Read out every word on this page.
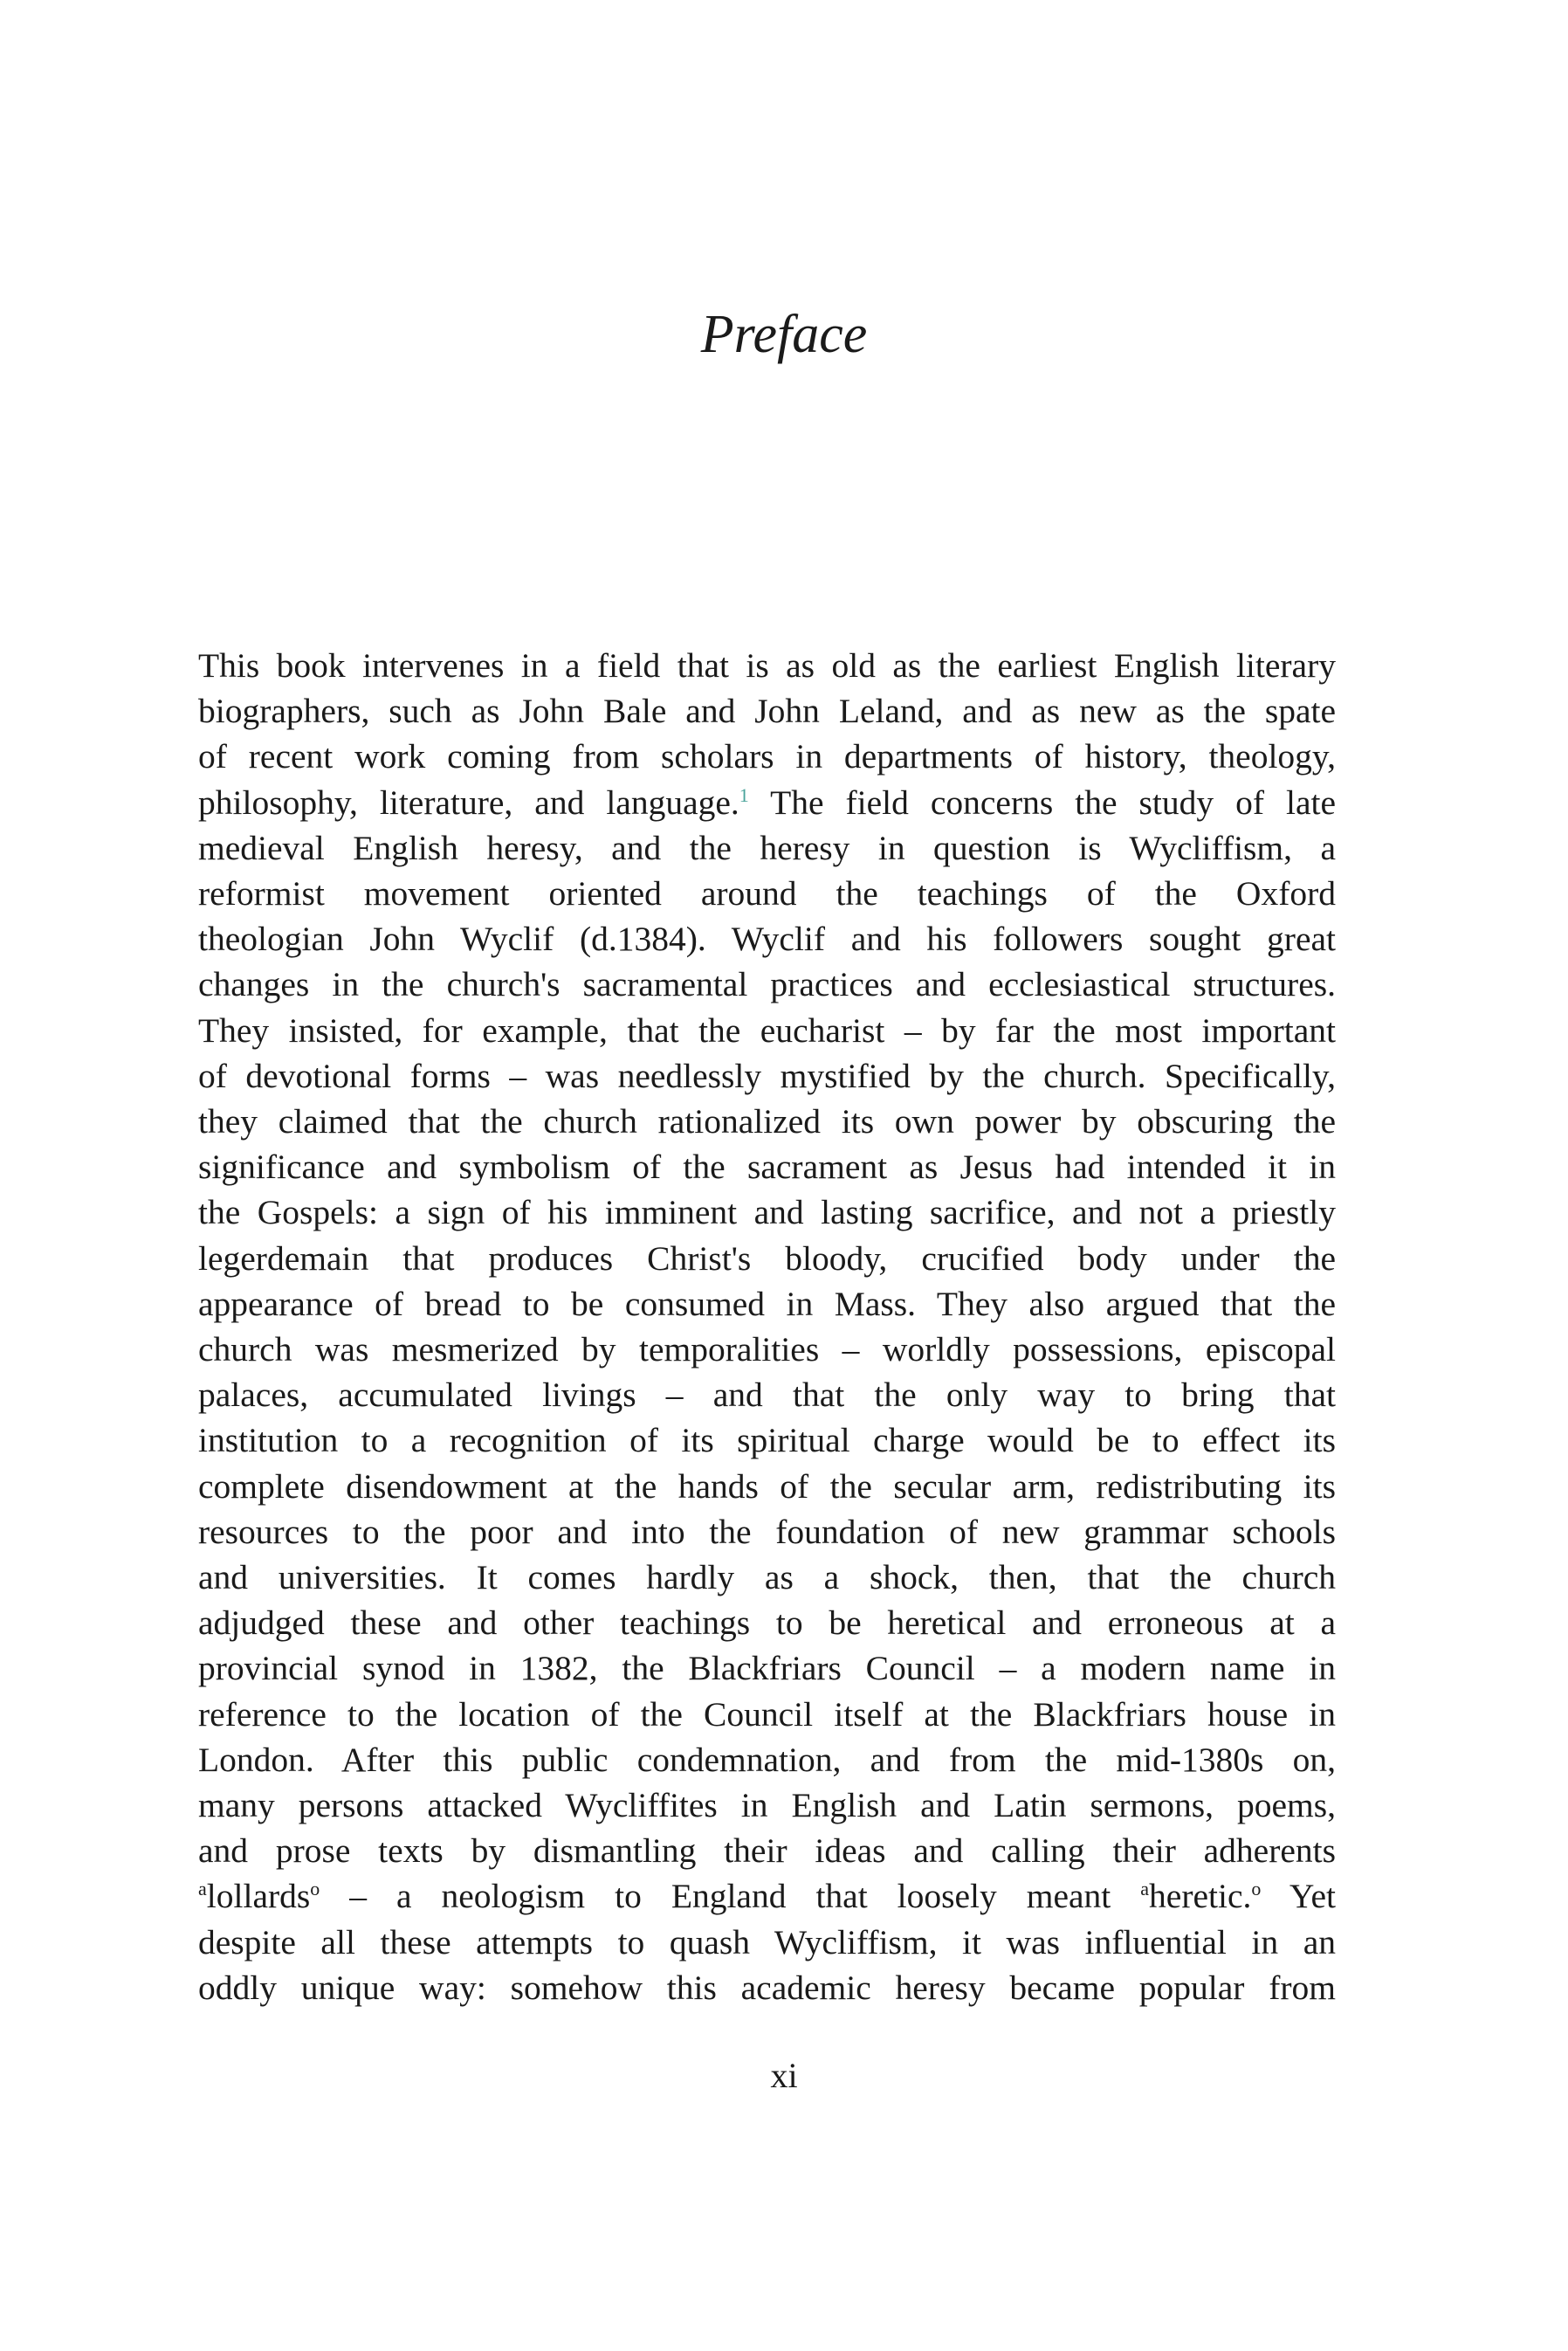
Preface
This book intervenes in a field that is as old as the earliest English literary
biographers, such as John Bale and John Leland, and as new as the spate
of recent work coming from scholars in departments of history, theology,
philosophy, literature, and language.$^1$ The field concerns the study of late
medieval English heresy, and the heresy in question is Wycliffism, a
reformist movement oriented around the teachings of the Oxford
theologian John Wyclif (d.1384). Wyclif and his followers sought great
changes in the church's sacramental practices and ecclesiastical structures.
They insisted, for example, that the eucharist – by far the most important
of devotional forms – was needlessly mystified by the church. Specifically,
they claimed that the church rationalized its own power by obscuring the
significance and symbolism of the sacrament as Jesus had intended it in
the Gospels: a sign of his imminent and lasting sacrifice, and not a priestly
legerdemain that produces Christ's bloody, crucified body under the
appearance of bread to be consumed in Mass. They also argued that the
church was mesmerized by temporalities – worldly possessions, episcopal
palaces, accumulated livings – and that the only way to bring that
institution to a recognition of its spiritual charge would be to effect its
complete disendowment at the hands of the secular arm, redistributing its
resources to the poor and into the foundation of new grammar schools
and universities. It comes hardly as a shock, then, that the church
adjudged these and other teachings to be heretical and erroneous at a
provincial synod in 1382, the Blackfriars Council – a modern name in
reference to the location of the Council itself at the Blackfriars house in
London. After this public condemnation, and from the mid-1380s on,
many persons attacked Wycliffites in English and Latin sermons, poems,
and prose texts by dismantling their ideas and calling their adherents
$^a$lollards$^o$ – a neologism to England that loosely meant $^a$heretic.$^o$ Yet
despite all these attempts to quash Wycliffism, it was influential in an
oddly unique way: somehow this academic heresy became popular from
xi
